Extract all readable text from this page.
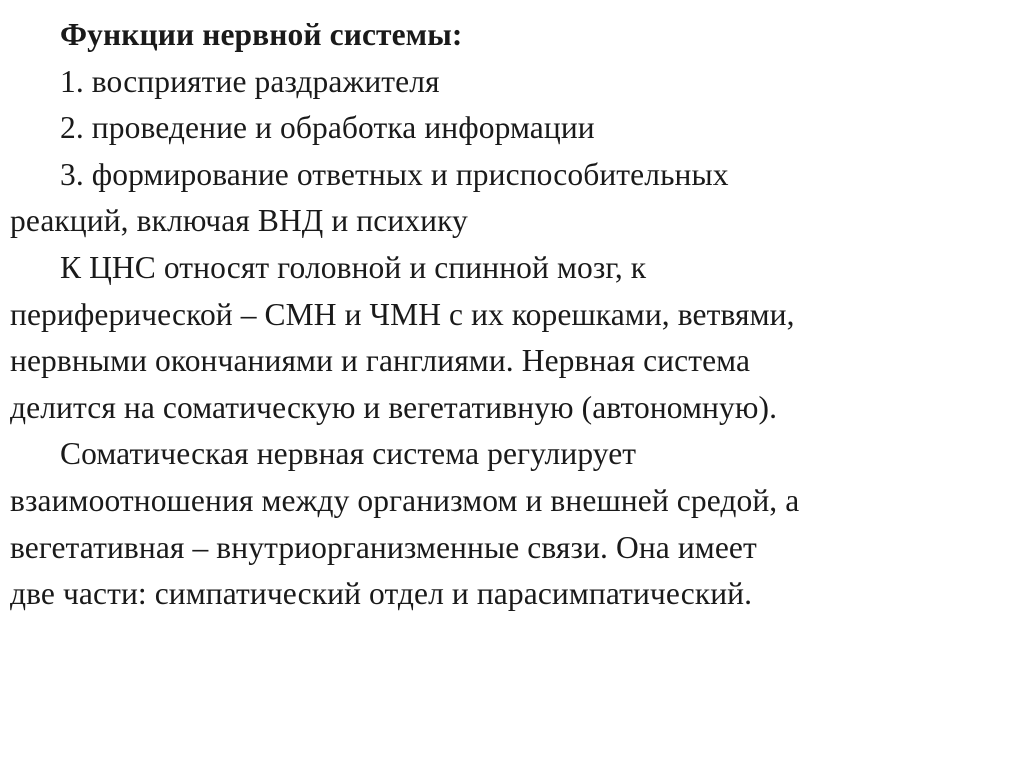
Функции нервной системы:
1. восприятие раздражителя
2. проведение и обработка информации
3. формирование ответных и приспособительных
реакций, включая ВНД и психику
К ЦНС относят головной и спинной мозг, к
периферической – СМН и ЧМН с их корешками, ветвями,
нервными окончаниями и ганглиями. Нервная система
делится на соматическую и вегетативную (автономную).
Соматическая нервная система регулирует
взаимоотношения между организмом и внешней средой, а
вегетативная – внутриорганизменные связи. Она имеет
две части: симпатический отдел и парасимпатический.
